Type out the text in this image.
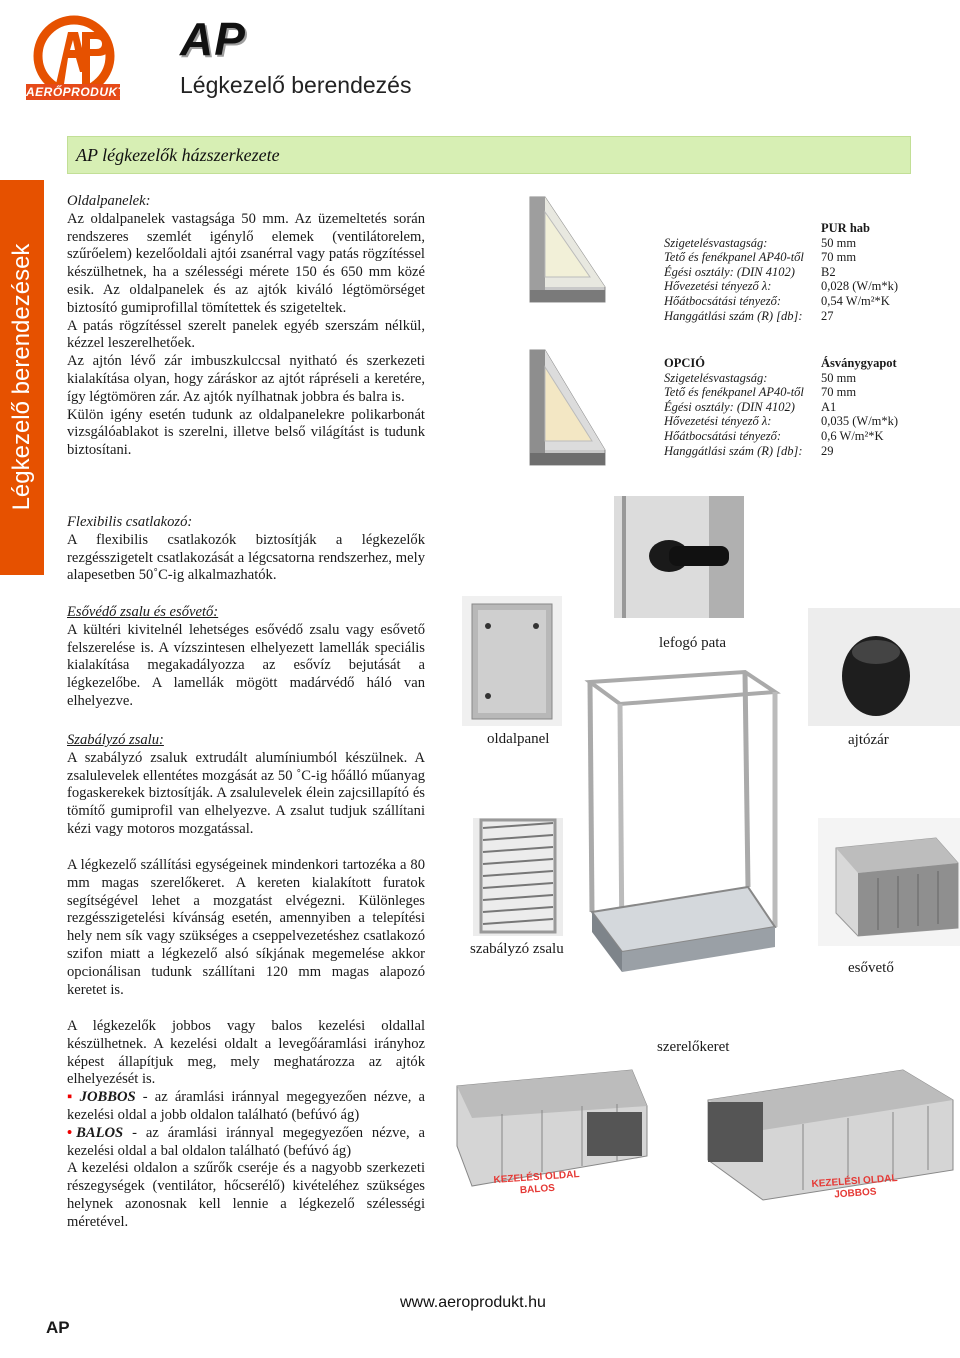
AERŐPRODUKT
AP
Légkezelő berendezés
Légkezelő berendezések
AP légkezelők házszerkezete

Oldalpanelek:

Az oldalpanelek vastagsága 50 mm. Az üzemeltetés során rendszeres szemlét igénylő elemek (ventilátorelem, szűrőelem) kezelőoldali ajtói zsanérral vagy patás rögzítéssel készülhetnek, ha a szélességi mérete 150 és 650 mm közé esik. Az oldalpanelek és az ajtók kiváló légtömörséget biztosító gumiprofillal tömítettek és szigeteltek.

A patás rögzítéssel szerelt panelek egyéb szerszám nélkül, kézzel leszerelhetőek.

Az ajtón lévő zár imbuszkulccsal nyitható és szerkezeti kialakítása olyan, hogy záráskor az ajtót rápréseli a keretére, így légtömören zár. Az ajtók nyílhatnak jobbra és balra is.

Külön igény esetén tudunk az oldalpanelekre polikarbonát vizsgálóablakot is szerelni, illetve belső világítást is tudunk biztosítani.

Flexibilis csatlakozó:

A flexibilis csatlakozók biztosítják a légkezelők rezgésszigetelt csatlakozását a légcsatorna rendszerhez, mely alapesetben 50˚C-ig alkalmazhatók.

Esővédő zsalu és esővető:

A kültéri kivitelnél lehetséges esővédő zsalu vagy esővető felszerelése is. A vízszintesen elhelyezett lamellák speciális kialakítása megakadályozza az esővíz bejutását a légkezelőbe. A lamellák mögött madárvédő háló van elhelyezve.

Szabályzó zsalu:

A szabályzó zsaluk extrudált alumíniumból készülnek. A zsalulevelek ellentétes mozgását az 50 ˚C-ig hőálló műanyag fogaskerekek biztosítják. A zsalulevelek élein zajcsillapító és tömítő gumiprofil van elhelyezve. A zsalut tudjuk szállítani kézi vagy motoros mozgatással.

A légkezelő szállítási egységeinek mindenkori tartozéka a 80 mm magas szerelőkeret. A kereten kialakított furatok segítségével lehet a mozgatást elvégezni. Különleges rezgésszigetelési kívánság esetén, amennyiben a telepítési hely nem sík vagy szükséges a cseppelvezetéshez csatlakozó szifon miatt a légkezelő alsó síkjának megemelése akkor opcionálisan tudunk szállítani 120 mm magas alapozó keretet is.

A légkezelők jobbos vagy balos kezelési oldallal készülhetnek. A kezelési oldalt a levegőáramlási irányhoz képest állapítjuk meg, mely meghatározza az ajtók elhelyezését is.

▪ JOBBOS - az áramlási iránnyal megegyezően nézve, a kezelési oldal a jobb oldalon található (befúvó ág)

• BALOS - az áramlási iránnyal megegyezően nézve, a kezelési oldal a bal oldalon található (befúvó ág)

A kezelési oldalon a szűrők cseréje és a nagyobb szerkezeti részegységek (ventilátor, hőcserélő) kivételéhez szükséges helynek azonosnak kell lennie a légkezelő szélességi méretével.

PUR hab
Szigetelésvastagság:	50 mm
Tető és fenékpanel AP40-től	70 mm
Égési osztály: (DIN 4102)	B2
Hővezetési tényező λ:	0,028 (W/m*k)
Hőátbocsátási tényező:	0,54 W/m²*K
Hanggátlási szám (R) [db]:	27
OPCIÓ	Ásványgyapot
Szigetelésvastagság:	50 mm
Tető és fenékpanel AP40-től	70 mm
Égési osztály: (DIN 4102)	A1
Hővezetési tényező λ:	0,035 (W/m*k)
Hőátbocsátási tényező:	0,6 W/m²*K
Hanggátlási szám (R) [db]:	29
lefogó pata
ajtózár
oldalpanel
szerelőkeret
szabályzó zsalu
esővető
KEZELÉSI OLDAL BALOS	KEZELÉSI OLDAL JOBBOS
www.aeroprodukt.hu
AP
